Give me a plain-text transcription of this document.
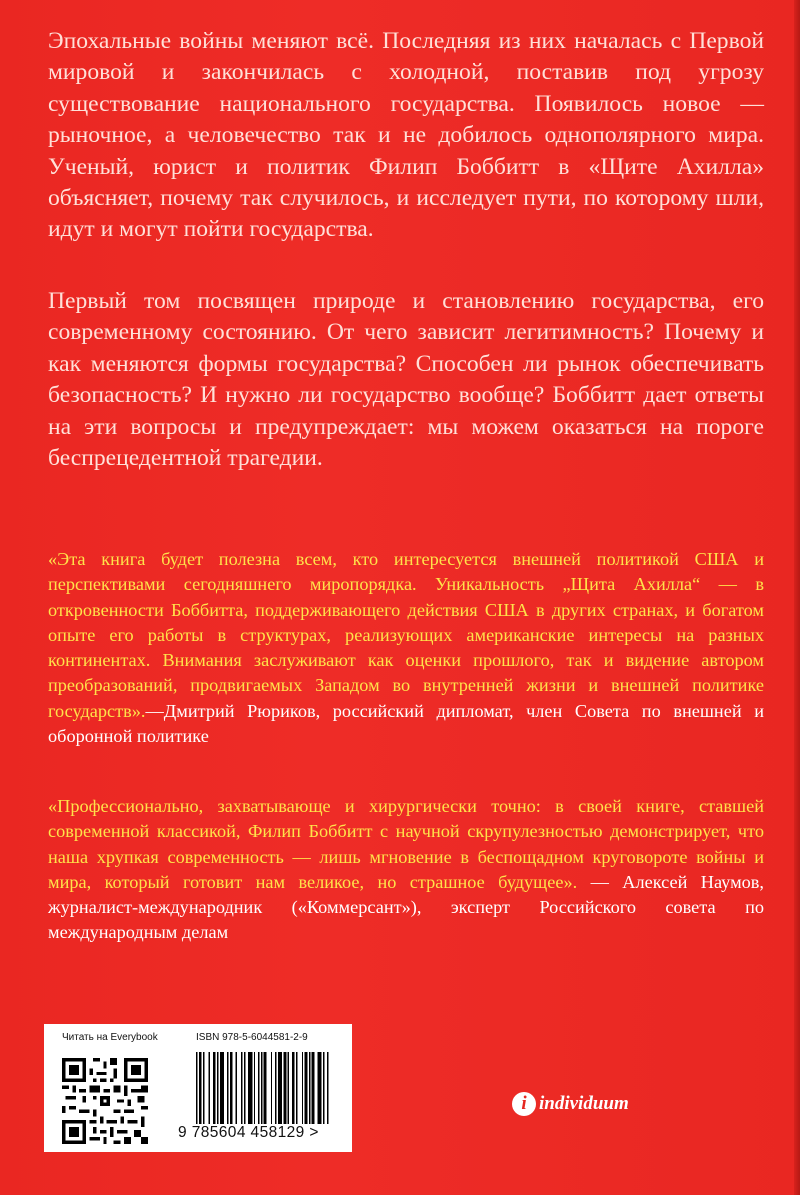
Эпохальные войны меняют всё. Последняя из них началась с Первой мировой и закончилась с холодной, поставив под угрозу существование национального государства. Появилось новое — рыночное, а человечество так и не добилось однополярного мира. Ученый, юрист и политик Филип Боббитт в «Щите Ахилла» объясняет, почему так случилось, и исследует пути, по которому шли, идут и могут пойти государства.

Первый том посвящен природе и становлению государства, его современному состоянию. От чего зависит легитимность? Почему и как меняются формы государства? Способен ли рынок обеспечивать безопасность? И нужно ли государство вообще? Боббитт дает ответы на эти вопросы и предупреждает: мы можем оказаться на пороге беспрецедентной трагедии.

«Эта книга будет полезна всем, кто интересуется внешней политикой США и перспективами сегодняшнего миропорядка. Уникальность „Щита Ахилла“ — в откровенности Боббитта, поддерживающего действия США в других странах, и богатом опыте его работы в структурах, реализующих американские интересы на разных континентах. Внимания заслуживают как оценки прошлого, так и видение автором преобразований, продвигаемых Западом во внутренней жизни и внешней политике государств».—Дмитрий Рюриков, российский дипломат, член Совета по внешней и оборонной политике

«Профессионально, захватывающе и хирургически точно: в своей книге, ставшей современной классикой, Филип Боббитт с научной скрупулезностью демонстрирует, что наша хрупкая современность — лишь мгновение в беспощадном круговороте войны и мира, который готовит нам великое, но страшное будущее». — Алексей Наумов, журналист-международник («Коммерсант»), эксперт Российского совета по международным делам

Читать на Everybook	ISBN 978-5-6044581-2-9
9 785604 458129 >
i individuum
